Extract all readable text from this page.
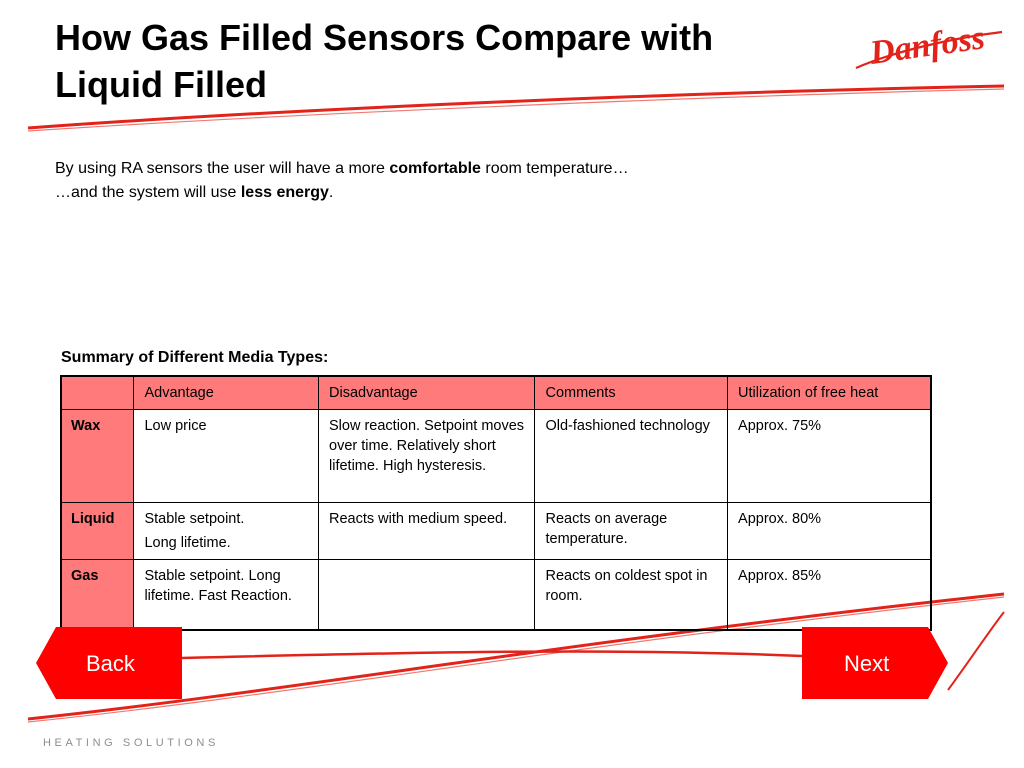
How Gas Filled Sensors Compare with
Liquid Filled
Danfoss

By using RA sensors the user will have a more comfortable room temperature…

…and the system will use less energy.

Summary of Different Media Types:
	Advantage	Disadvantage	Comments	Utilization of free heat
Wax	Low price	Slow reaction. Setpoint moves over time. Relatively short lifetime. High hysteresis.	Old-fashioned technology	Approx. 75%
Liquid	Stable setpoint.
Long lifetime.	Reacts with medium speed.	Reacts on average temperature.	Approx. 80%
Gas	Stable setpoint. Long lifetime. Fast Reaction.		Reacts on coldest spot in room.	Approx. 85%
Back	Next
HEATING SOLUTIONS
